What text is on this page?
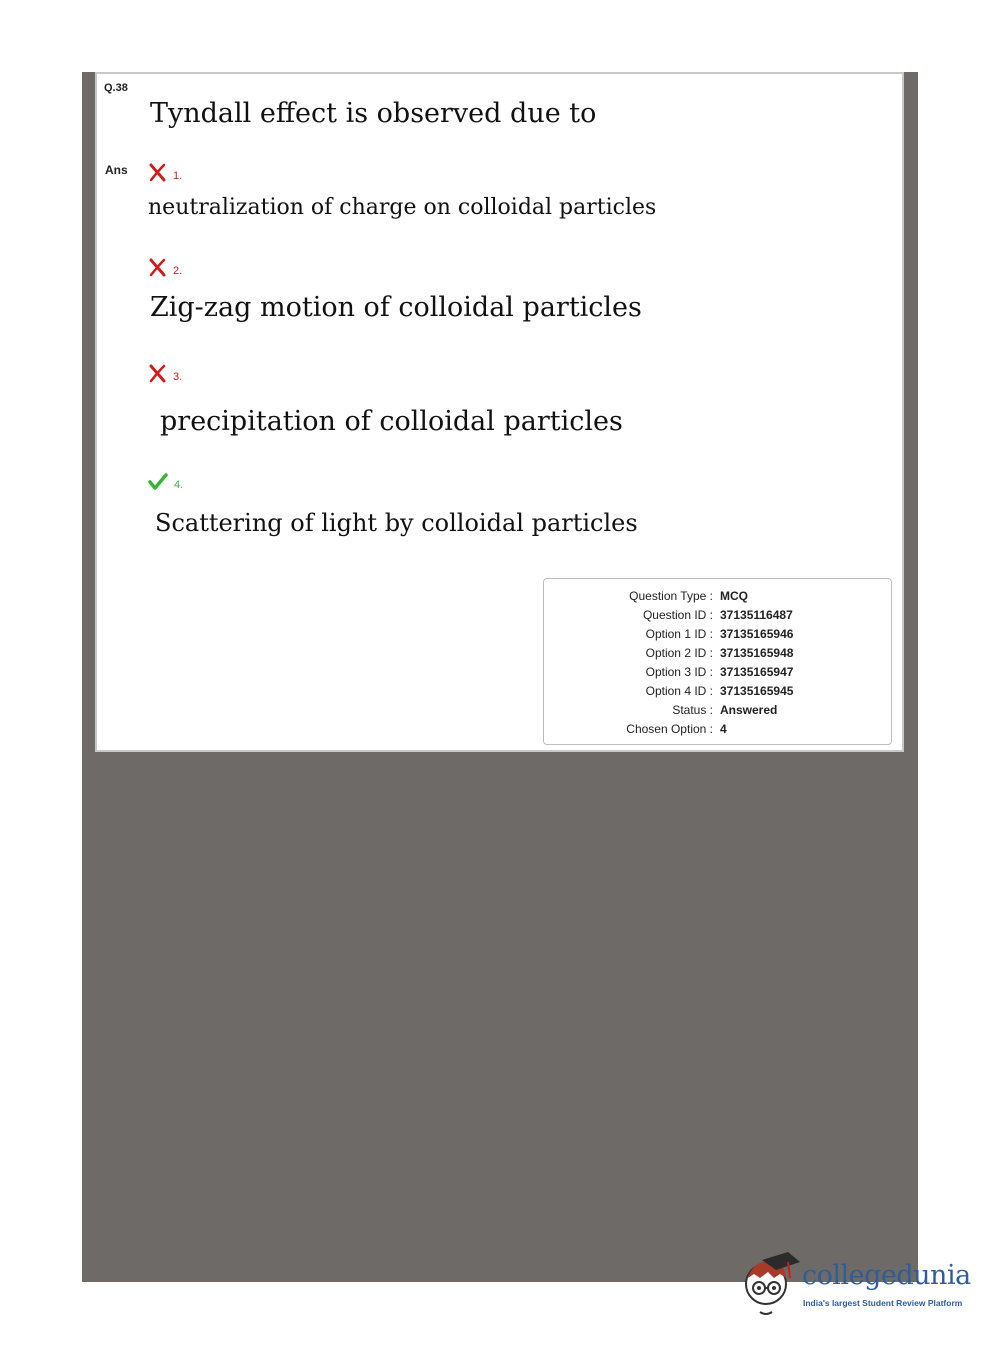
Q.38
Tyndall effect is observed due to
Ans	1.
neutralization of charge on colloidal particles
2.
Zig-zag motion of colloidal particles
3.
precipitation of colloidal particles
4.
Scattering of light by colloidal particles
Question Type : MCQ
Question ID : 37135116487
Option 1 ID : 37135165946
Option 2 ID : 37135165948
Option 3 ID : 37135165947
Option 4 ID : 37135165945
Status : Answered
Chosen Option : 4
collegedunia
India's largest Student Review Platform
